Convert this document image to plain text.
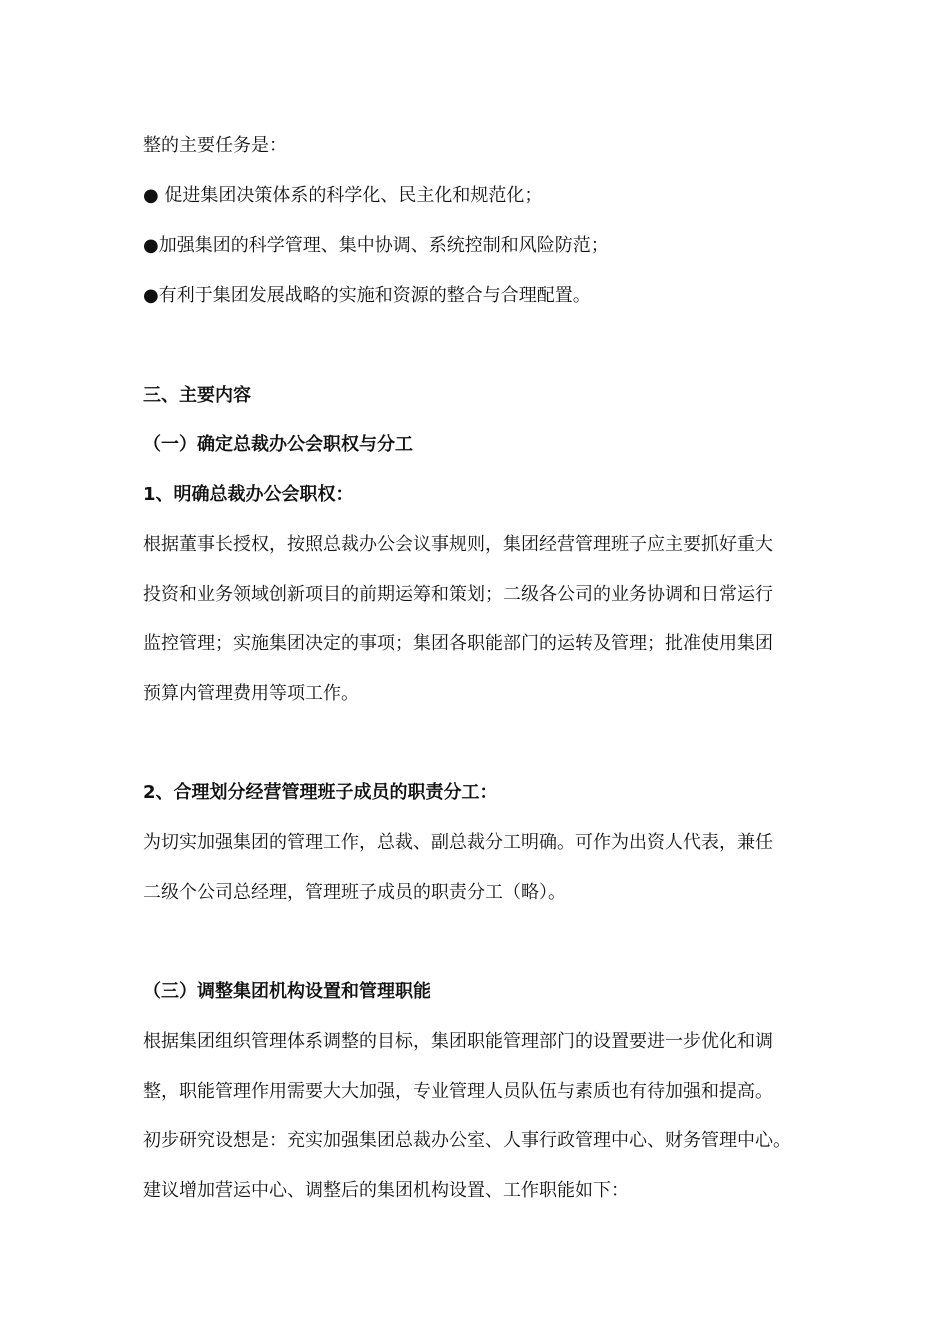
整的主要任务是：
● 促进集团决策体系的科学化、民主化和规范化；
●加强集团的科学管理、集中协调、系统控制和风险防范；
●有利于集团发展战略的实施和资源的整合与合理配置。
三、主要内容
（一）确定总裁办公会职权与分工
1、明确总裁办公会职权：
根据董事长授权，按照总裁办公会议事规则，集团经营管理班子应主要抓好重大
投资和业务领域创新项目的前期运筹和策划；二级各公司的业务协调和日常运行
监控管理；实施集团决定的事项；集团各职能部门的运转及管理；批准使用集团
预算内管理费用等项工作。
2、合理划分经营管理班子成员的职责分工：
为切实加强集团的管理工作，总裁、副总裁分工明确。可作为出资人代表，兼任
二级个公司总经理，管理班子成员的职责分工（略）。
（三）调整集团机构设置和管理职能
根据集团组织管理体系调整的目标，集团职能管理部门的设置要进一步优化和调
整，职能管理作用需要大大加强，专业管理人员队伍与素质也有待加强和提高。
初步研究设想是：充实加强集团总裁办公室、人事行政管理中心、财务管理中心。
建议增加营运中心、调整后的集团机构设置、工作职能如下：
